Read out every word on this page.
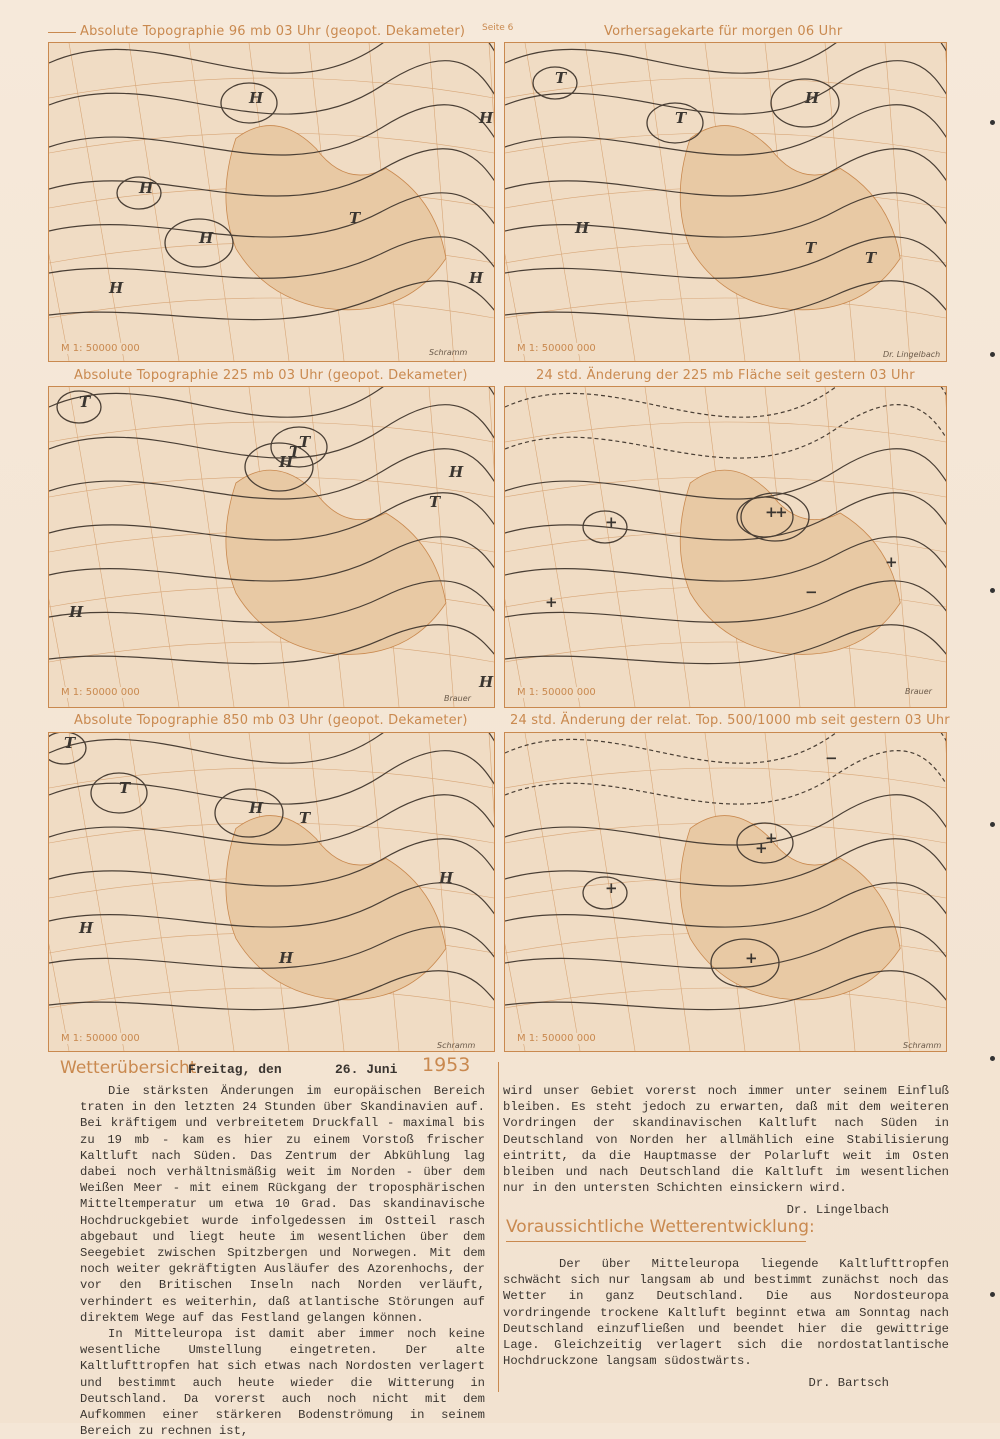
Absolute Topographie 96 mb 03 Uhr (geopot. Dekameter) Seite 6	Vorhersagekarte für morgen 06 Uhr
H
H
H
H
T
H
H
M 1: 50000 000	Schramm
T
T
H
H
T
T
M 1: 50000 000
Dr. Lingelbach
Absolute Topographie 225 mb 03 Uhr (geopot. Dekameter)	24 std. Änderung der 225 mb Fläche seit gestern 03 Uhr
T
T
H
T
H
T
H
H
M 1: 50000 000
Brauer
+
+
+
+
−
+
M 1: 50000 000	Brauer
Absolute Topographie 850 mb 03 Uhr (geopot. Dekameter)	24 std. Änderung der relat. Top. 500/1000 mb seit gestern 03 Uhr
T
T
H
T
H
H
H
M 1: 50000 000
Schramm
+
+
+
+
−
M 1: 50000 000
Schramm
Wetterübersicht
Freitag, den	26. Juni 1953

Die stärksten Änderungen im europäischen Bereich traten in den letzten 24 Stunden über Skandinavien auf. Bei kräftigem und verbreitetem Druckfall - maximal bis zu 19 mb - kam es hier zu einem Vorstoß frischer Kaltluft nach Süden. Das Zentrum der Abkühlung lag dabei noch verhältnismäßig weit im Norden - über dem Weißen Meer - mit einem Rückgang der troposphärischen Mitteltemperatur um etwa 10 Grad. Das skandinavische Hochdruckgebiet wurde infolgedessen im Ostteil rasch abgebaut und liegt heute im wesentlichen über dem Seegebiet zwischen Spitzbergen und Norwegen. Mit dem noch weiter gekräftigten Ausläufer des Azorenhochs, der vor den Britischen Inseln nach Norden verläuft, verhindert es weiterhin, daß atlantische Störungen auf direktem Wege auf das Festland gelangen können.

In Mitteleuropa ist damit aber immer noch keine wesentliche Umstellung eingetreten. Der alte Kaltlufttropfen hat sich etwas nach Nordosten verlagert und bestimmt auch heute wieder die Witterung in Deutschland. Da vorerst auch noch nicht mit dem Aufkommen einer stärkeren Bodenströmung in seinem Bereich zu rechnen ist,

wird unser Gebiet vorerst noch immer unter seinem Einfluß bleiben. Es steht jedoch zu erwarten, daß mit dem weiteren Vordringen der skandinavischen Kaltluft nach Süden in Deutschland von Norden her allmählich eine Stabilisierung eintritt, da die Hauptmasse der Polarluft weit im Osten bleiben und nach Deutschland die Kaltluft im wesentlichen nur in den untersten Schichten einsickern wird.

Dr. Lingelbach

Voraussichtliche Wetterentwicklung:

Der über Mitteleuropa liegende Kaltlufttropfen schwächt sich nur langsam ab und bestimmt zunächst noch das Wetter in ganz Deutschland. Die aus Nordosteuropa vordringende trockene Kaltluft beginnt etwa am Sonntag nach Deutschland einzufließen und beendet hier die gewittrige Lage. Gleichzeitig verlagert sich die nordostatlantische Hochdruckzone langsam südostwärts.

Dr. Bartsch
